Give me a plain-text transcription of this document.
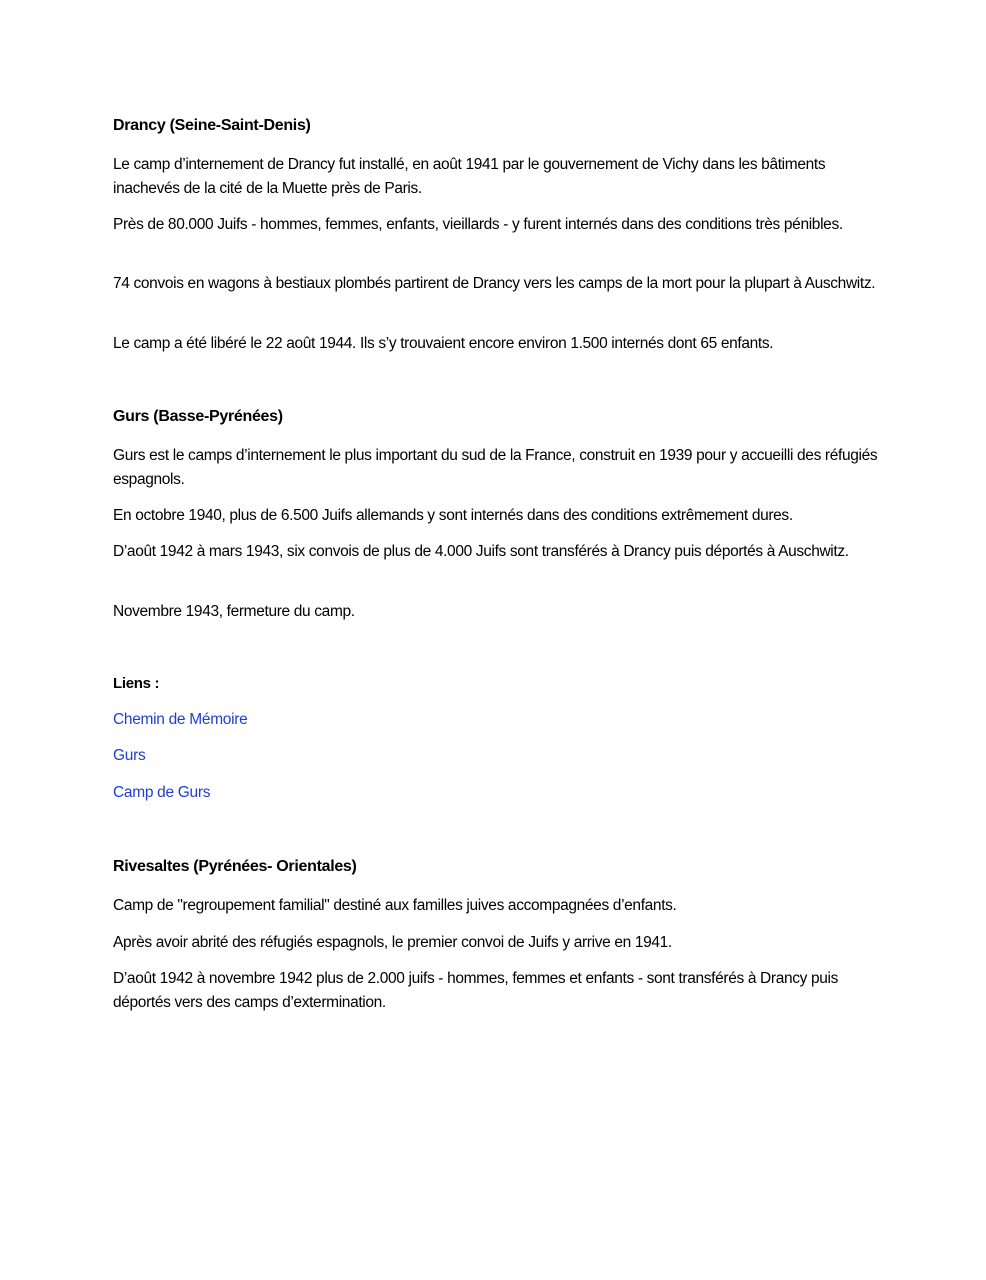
Drancy (Seine-Saint-Denis)
Le camp d’internement de Drancy fut installé, en août 1941 par le gouvernement de Vichy dans les bâtiments inachevés de la cité de la Muette près de Paris.
Près de 80.000 Juifs - hommes, femmes, enfants, vieillards - y furent internés dans des conditions très pénibles.
74 convois en wagons à bestiaux plombés partirent de Drancy vers les camps de la mort pour la plupart à Auschwitz.
Le camp a été libéré le 22 août 1944. Ils s’y trouvaient encore environ 1.500 internés dont 65 enfants.
Gurs (Basse-Pyrénées)
Gurs est le camps d’internement le plus important du sud de la France, construit en 1939 pour y accueilli des réfugiés espagnols.
En octobre 1940, plus de 6.500 Juifs allemands y sont internés dans des conditions extrêmement dures.
D’août 1942 à mars 1943, six convois de plus de 4.000 Juifs sont transférés à Drancy puis déportés à Auschwitz.
Novembre 1943, fermeture du camp.
Liens :
Chemin de Mémoire
Gurs
Camp de Gurs
Rivesaltes (Pyrénées- Orientales)
Camp de "regroupement familial" destiné aux familles juives accompagnées d’enfants.
Après avoir abrité des réfugiés espagnols, le premier convoi de Juifs y arrive en 1941.
D’août 1942 à novembre 1942 plus de 2.000 juifs - hommes, femmes et enfants - sont transférés à Drancy puis déportés vers des camps d’extermination.
